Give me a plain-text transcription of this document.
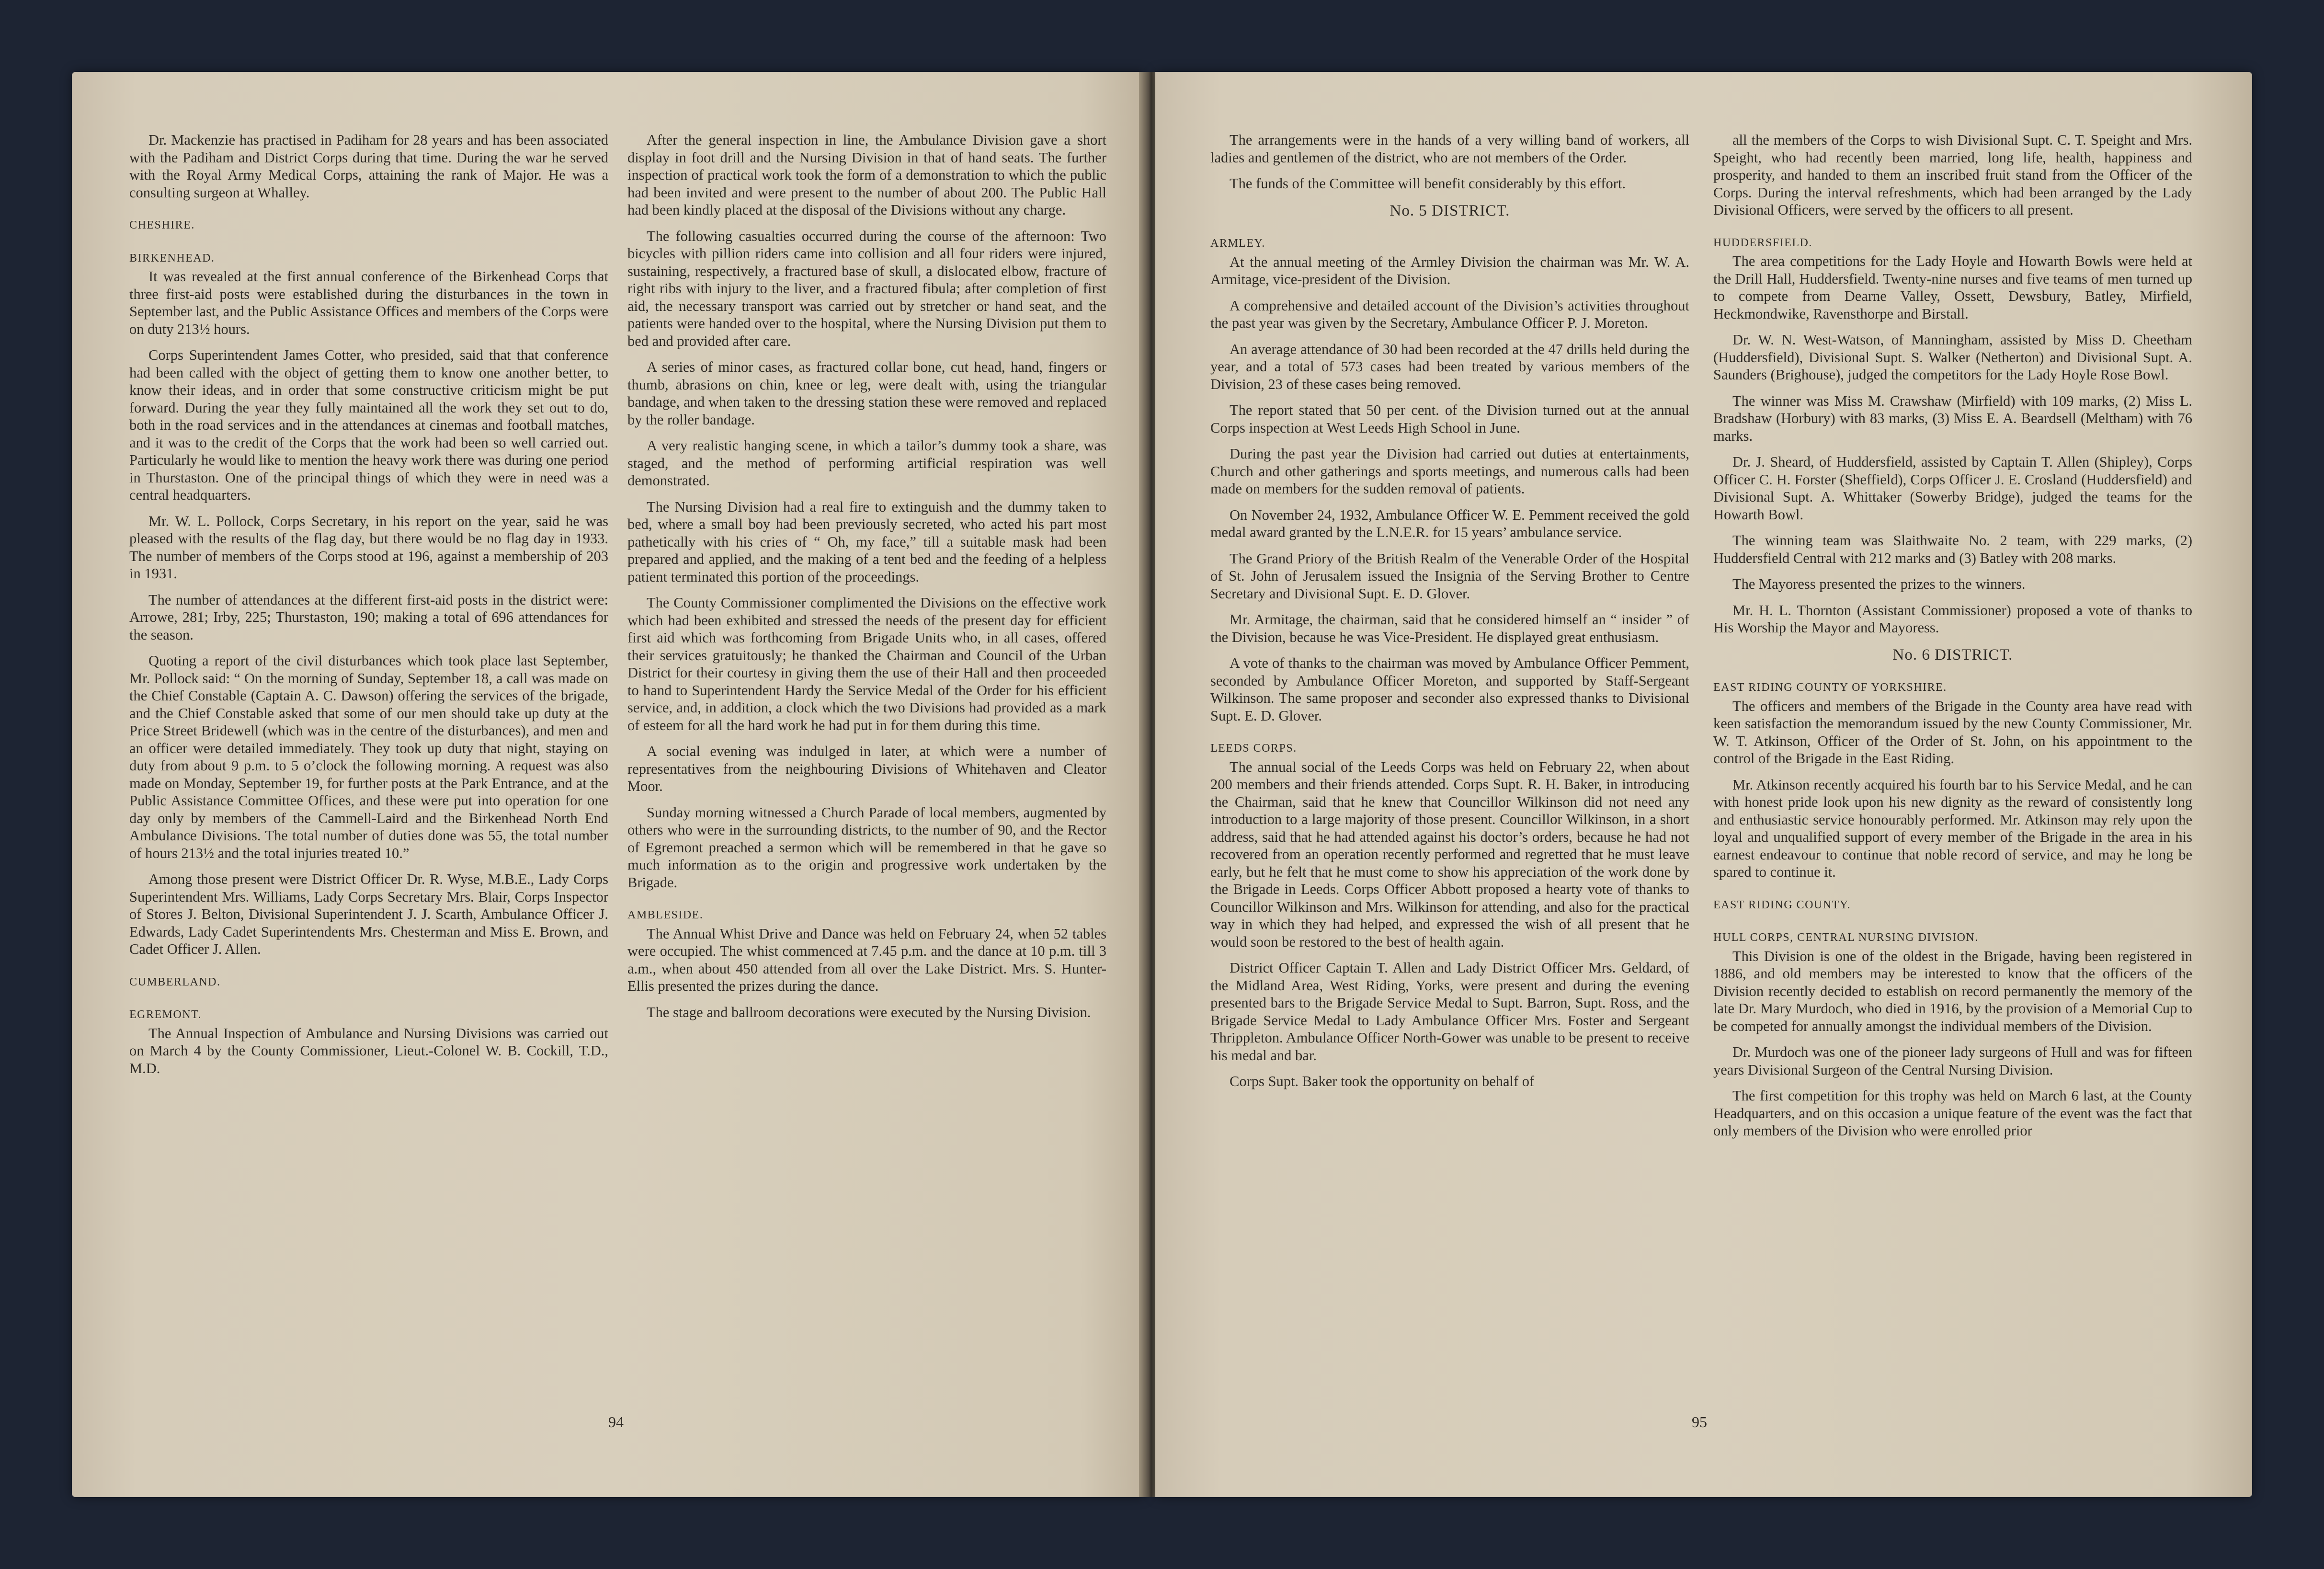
Dr. Mackenzie has practised in Padiham for 28 years and has been associated with the Padiham and District Corps during that time. During the war he served with the Royal Army Medical Corps, attaining the rank of Major. He was a consulting surgeon at Whalley.

CHESHIRE.
BIRKENHEAD.

It was revealed at the first annual conference of the Birkenhead Corps that three first-aid posts were established during the disturbances in the town in September last, and the Public Assistance Offices and members of the Corps were on duty 213½ hours.

Corps Superintendent James Cotter, who presided, said that that conference had been called with the object of getting them to know one another better, to know their ideas, and in order that some constructive criticism might be put forward. During the year they fully maintained all the work they set out to do, both in the road services and in the attendances at cinemas and football matches, and it was to the credit of the Corps that the work had been so well carried out. Particularly he would like to mention the heavy work there was during one period in Thurstaston. One of the principal things of which they were in need was a central headquarters.

Mr. W. L. Pollock, Corps Secretary, in his report on the year, said he was pleased with the results of the flag day, but there would be no flag day in 1933. The number of members of the Corps stood at 196, against a membership of 203 in 1931.

The number of attendances at the different first-aid posts in the district were: Arrowe, 281; Irby, 225; Thurstaston, 190; making a total of 696 attendances for the season.

Quoting a report of the civil disturbances which took place last September, Mr. Pollock said: “ On the morning of Sunday, September 18, a call was made on the Chief Constable (Captain A. C. Dawson) offering the services of the brigade, and the Chief Constable asked that some of our men should take up duty at the Price Street Bridewell (which was in the centre of the disturbances), and men and an officer were detailed immediately. They took up duty that night, staying on duty from about 9 p.m. to 5 o’clock the following morning. A request was also made on Monday, September 19, for further posts at the Park Entrance, and at the Public Assistance Committee Offices, and these were put into operation for one day only by members of the Cammell-Laird and the Birkenhead North End Ambulance Divisions. The total number of duties done was 55, the total number of hours 213½ and the total injuries treated 10.”

Among those present were District Officer Dr. R. Wyse, M.B.E., Lady Corps Superintendent Mrs. Williams, Lady Corps Secretary Mrs. Blair, Corps Inspector of Stores J. Belton, Divisional Superintendent J. J. Scarth, Ambulance Officer J. Edwards, Lady Cadet Superintendents Mrs. Chesterman and Miss E. Brown, and Cadet Officer J. Allen.

CUMBERLAND.
EGREMONT.

The Annual Inspection of Ambulance and Nursing Divisions was carried out on March 4 by the County Commissioner, Lieut.-Colonel W. B. Cockill, T.D., M.D.

After the general inspection in line, the Ambulance Division gave a short display in foot drill and the Nursing Division in that of hand seats. The further inspection of practical work took the form of a demonstration to which the public had been invited and were present to the number of about 200. The Public Hall had been kindly placed at the disposal of the Divisions without any charge.

The following casualties occurred during the course of the afternoon: Two bicycles with pillion riders came into collision and all four riders were injured, sustaining, respectively, a fractured base of skull, a dislocated elbow, fracture of right ribs with injury to the liver, and a fractured fibula; after completion of first aid, the necessary transport was carried out by stretcher or hand seat, and the patients were handed over to the hospital, where the Nursing Division put them to bed and provided after care.

A series of minor cases, as fractured collar bone, cut head, hand, fingers or thumb, abrasions on chin, knee or leg, were dealt with, using the triangular bandage, and when taken to the dressing station these were removed and replaced by the roller bandage.

A very realistic hanging scene, in which a tailor’s dummy took a share, was staged, and the method of performing artificial respiration was well demonstrated.

The Nursing Division had a real fire to extinguish and the dummy taken to bed, where a small boy had been previously secreted, who acted his part most pathetically with his cries of “ Oh, my face,” till a suitable mask had been prepared and applied, and the making of a tent bed and the feeding of a helpless patient terminated this portion of the proceedings.

The County Commissioner complimented the Divisions on the effective work which had been exhibited and stressed the needs of the present day for efficient first aid which was forthcoming from Brigade Units who, in all cases, offered their services gratuitously; he thanked the Chairman and Council of the Urban District for their courtesy in giving them the use of their Hall and then proceeded to hand to Superintendent Hardy the Service Medal of the Order for his efficient service, and, in addition, a clock which the two Divisions had provided as a mark of esteem for all the hard work he had put in for them during this time.

A social evening was indulged in later, at which were a number of representatives from the neighbouring Divisions of Whitehaven and Cleator Moor.

Sunday morning witnessed a Church Parade of local members, augmented by others who were in the surrounding districts, to the number of 90, and the Rector of Egremont preached a sermon which will be remembered in that he gave so much information as to the origin and progressive work undertaken by the Brigade.

AMBLESIDE.

The Annual Whist Drive and Dance was held on February 24, when 52 tables were occupied. The whist commenced at 7.45 p.m. and the dance at 10 p.m. till 3 a.m., when about 450 attended from all over the Lake District. Mrs. S. Hunter-Ellis presented the prizes during the dance.

The stage and ballroom decorations were executed by the Nursing Division.

94

The arrangements were in the hands of a very willing band of workers, all ladies and gentlemen of the district, who are not members of the Order.

The funds of the Committee will benefit considerably by this effort.

No. 5 DISTRICT.
ARMLEY.

At the annual meeting of the Armley Division the chairman was Mr. W. A. Armitage, vice-president of the Division.

A comprehensive and detailed account of the Division’s activities throughout the past year was given by the Secretary, Ambulance Officer P. J. Moreton.

An average attendance of 30 had been recorded at the 47 drills held during the year, and a total of 573 cases had been treated by various members of the Division, 23 of these cases being removed.

The report stated that 50 per cent. of the Division turned out at the annual Corps inspection at West Leeds High School in June.

During the past year the Division had carried out duties at entertainments, Church and other gatherings and sports meetings, and numerous calls had been made on members for the sudden removal of patients.

On November 24, 1932, Ambulance Officer W. E. Pemment received the gold medal award granted by the L.N.E.R. for 15 years’ ambulance service.

The Grand Priory of the British Realm of the Venerable Order of the Hospital of St. John of Jerusalem issued the Insignia of the Serving Brother to Centre Secretary and Divisional Supt. E. D. Glover.

Mr. Armitage, the chairman, said that he considered himself an “ insider ” of the Division, because he was Vice-President. He displayed great enthusiasm.

A vote of thanks to the chairman was moved by Ambulance Officer Pemment, seconded by Ambulance Officer Moreton, and supported by Staff-Sergeant Wilkinson. The same proposer and seconder also expressed thanks to Divisional Supt. E. D. Glover.

LEEDS CORPS.

The annual social of the Leeds Corps was held on February 22, when about 200 members and their friends attended. Corps Supt. R. H. Baker, in introducing the Chairman, said that he knew that Councillor Wilkinson did not need any introduction to a large majority of those present. Councillor Wilkinson, in a short address, said that he had attended against his doctor’s orders, because he had not recovered from an operation recently performed and regretted that he must leave early, but he felt that he must come to show his appreciation of the work done by the Brigade in Leeds. Corps Officer Abbott proposed a hearty vote of thanks to Councillor Wilkinson and Mrs. Wilkinson for attending, and also for the practical way in which they had helped, and expressed the wish of all present that he would soon be restored to the best of health again.

District Officer Captain T. Allen and Lady District Officer Mrs. Geldard, of the Midland Area, West Riding, Yorks, were present and during the evening presented bars to the Brigade Service Medal to Supt. Barron, Supt. Ross, and the Brigade Service Medal to Lady Ambulance Officer Mrs. Foster and Sergeant Thrippleton. Ambulance Officer North-Gower was unable to be present to receive his medal and bar.

Corps Supt. Baker took the opportunity on behalf of

all the members of the Corps to wish Divisional Supt. C. T. Speight and Mrs. Speight, who had recently been married, long life, health, happiness and prosperity, and handed to them an inscribed fruit stand from the Officer of the Corps. During the interval refreshments, which had been arranged by the Lady Divisional Officers, were served by the officers to all present.

HUDDERSFIELD.

The area competitions for the Lady Hoyle and Howarth Bowls were held at the Drill Hall, Huddersfield. Twenty-nine nurses and five teams of men turned up to compete from Dearne Valley, Ossett, Dewsbury, Batley, Mirfield, Heckmondwike, Ravensthorpe and Birstall.

Dr. W. N. West-Watson, of Manningham, assisted by Miss D. Cheetham (Huddersfield), Divisional Supt. S. Walker (Netherton) and Divisional Supt. A. Saunders (Brighouse), judged the competitors for the Lady Hoyle Rose Bowl.

The winner was Miss M. Crawshaw (Mirfield) with 109 marks, (2) Miss L. Bradshaw (Horbury) with 83 marks, (3) Miss E. A. Beardsell (Meltham) with 76 marks.

Dr. J. Sheard, of Huddersfield, assisted by Captain T. Allen (Shipley), Corps Officer C. H. Forster (Sheffield), Corps Officer J. E. Crosland (Huddersfield) and Divisional Supt. A. Whittaker (Sowerby Bridge), judged the teams for the Howarth Bowl.

The winning team was Slaithwaite No. 2 team, with 229 marks, (2) Huddersfield Central with 212 marks and (3) Batley with 208 marks.

The Mayoress presented the prizes to the winners.

Mr. H. L. Thornton (Assistant Commissioner) proposed a vote of thanks to His Worship the Mayor and Mayoress.

No. 6 DISTRICT.
EAST RIDING COUNTY OF YORKSHIRE.

The officers and members of the Brigade in the County area have read with keen satisfaction the memorandum issued by the new County Commissioner, Mr. W. T. Atkinson, Officer of the Order of St. John, on his appointment to the control of the Brigade in the East Riding.

Mr. Atkinson recently acquired his fourth bar to his Service Medal, and he can with honest pride look upon his new dignity as the reward of consistently long and enthusiastic service honourably performed. Mr. Atkinson may rely upon the loyal and unqualified support of every member of the Brigade in the area in his earnest endeavour to continue that noble record of service, and may he long be spared to continue it.

EAST RIDING COUNTY.
HULL CORPS, CENTRAL NURSING DIVISION.

This Division is one of the oldest in the Brigade, having been registered in 1886, and old members may be interested to know that the officers of the Division recently decided to establish on record permanently the memory of the late Dr. Mary Murdoch, who died in 1916, by the provision of a Memorial Cup to be competed for annually amongst the individual members of the Division.

Dr. Murdoch was one of the pioneer lady surgeons of Hull and was for fifteen years Divisional Surgeon of the Central Nursing Division.

The first competition for this trophy was held on March 6 last, at the County Headquarters, and on this occasion a unique feature of the event was the fact that only members of the Division who were enrolled prior

95
